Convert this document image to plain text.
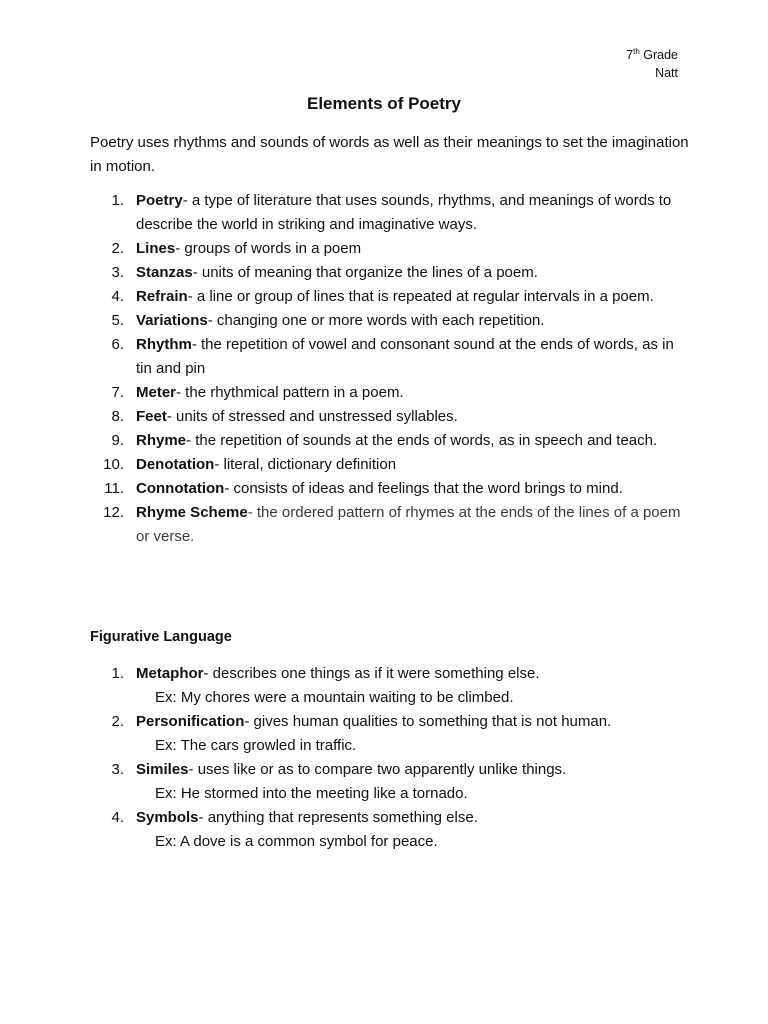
7th Grade
Natt
Elements of Poetry

Poetry uses rhythms and sounds of words as well as their meanings to set the imagination in motion.

1. Poetry- a type of literature that uses sounds, rhythms, and meanings of words to describe the world in striking and imaginative ways.
2. Lines- groups of words in a poem
3. Stanzas- units of meaning that organize the lines of a poem.
4. Refrain- a line or group of lines that is repeated at regular intervals in a poem.
5. Variations- changing one or more words with each repetition.
6. Rhythm- the repetition of vowel and consonant sound at the ends of words, as in tin and pin
7. Meter- the rhythmical pattern in a poem.
8. Feet- units of stressed and unstressed syllables.
9. Rhyme- the repetition of sounds at the ends of words, as in speech and teach.
10. Denotation- literal, dictionary definition
11. Connotation- consists of ideas and feelings that the word brings to mind.
12. Rhyme Scheme- the ordered pattern of rhymes at the ends of the lines of a poem or verse.
Figurative Language
1. Metaphor- describes one things as if it were something else.
Ex: My chores were a mountain waiting to be climbed.
2. Personification- gives human qualities to something that is not human.
Ex: The cars growled in traffic.
3. Similes- uses like or as to compare two apparently unlike things.
Ex: He stormed into the meeting like a tornado.
4. Symbols- anything that represents something else.
Ex: A dove is a common symbol for peace.
